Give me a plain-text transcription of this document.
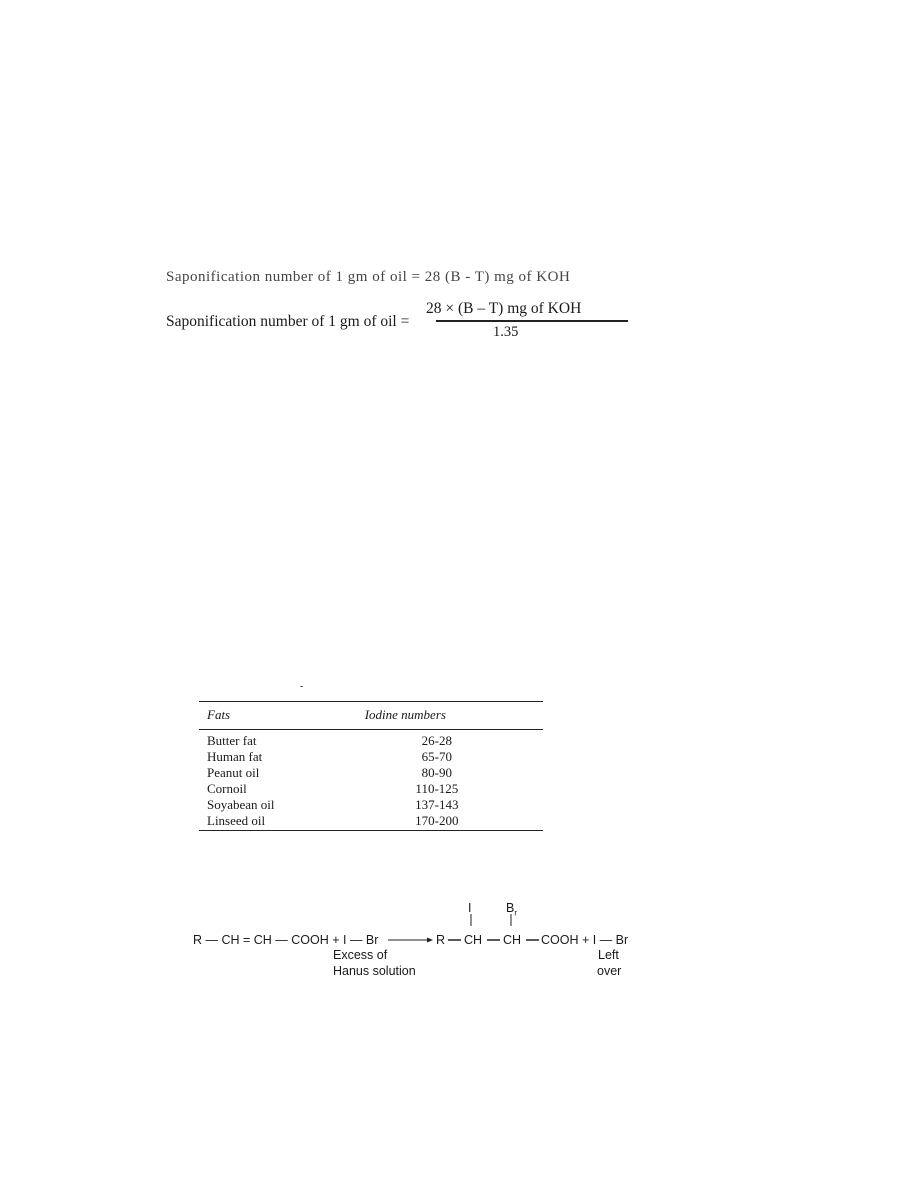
Saponification number of 1 gm of oil = 28 (B - T) mg of KOH
Saponification number of 1 gm of oil =
28 × (B – T) mg of KOH
1.35
-
Fats	Iodine numbers
Butter fat	26-28
Human fat	65-70
Peanut oil	80-90
Cornoil	110-125
Soyabean oil	137-143
Linseed oil	170-200
R — CH = CH — COOH + I — Br	R CH CH COOH + I — Br
I	$B_r$
Excess of
Hanus solution
Left
over
